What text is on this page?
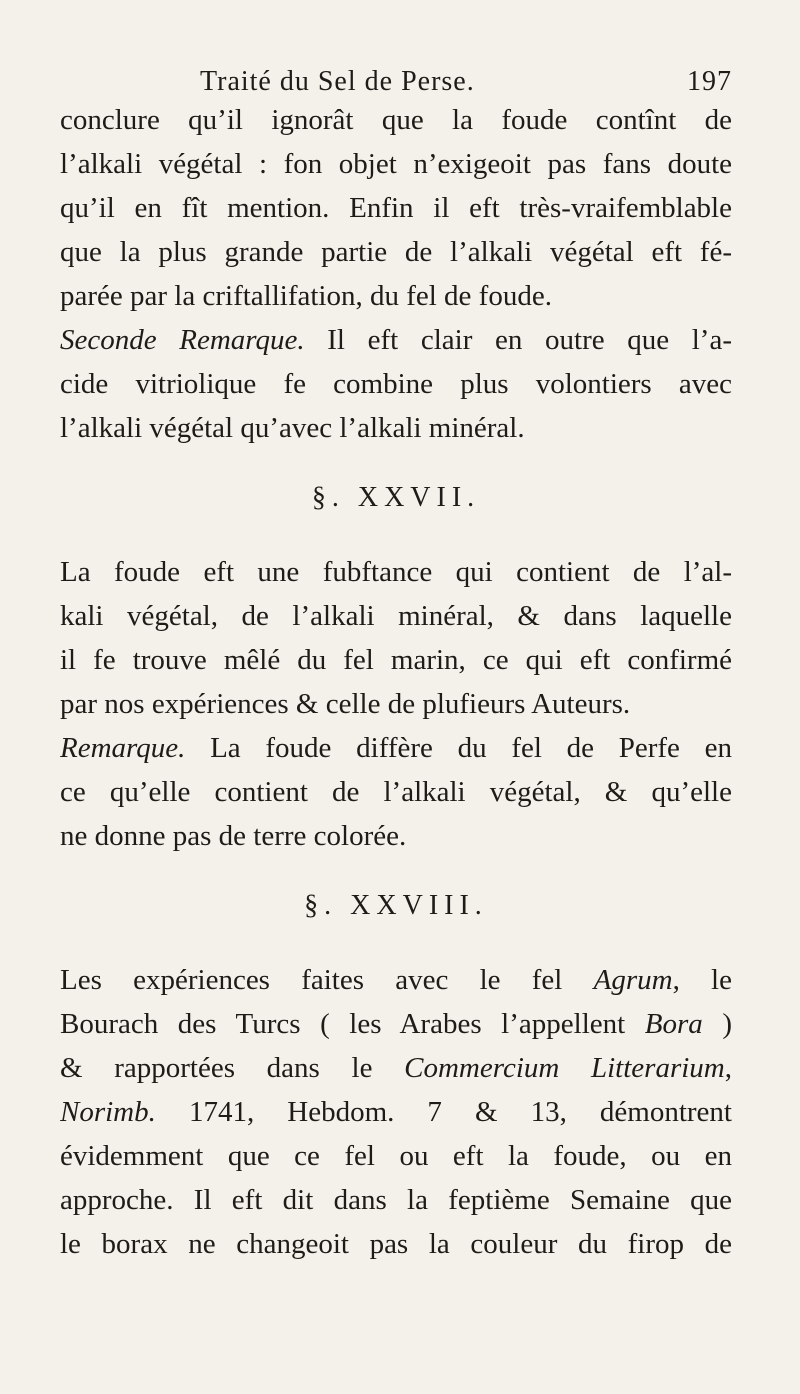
Traité du Sel de Perse.	197
conclure qu’il ignorât que la foude contînt de
l’alkali végétal : fon objet n’exigeoit pas fans doute
qu’il en fît mention. Enfin il eft très-vraifemblable
que la plus grande partie de l’alkali végétal eft fé-
parée par la criftallifation, du fel de foude.
Seconde Remarque. Il eft clair en outre que l’a-
cide vitriolique fe combine plus volontiers avec
l’alkali végétal qu’avec l’alkali minéral.
§. XXVII.
La foude eft une fubftance qui contient de l’al-
kali végétal, de l’alkali minéral, & dans laquelle
il fe trouve mêlé du fel marin, ce qui eft confirmé
par nos expériences & celle de plufieurs Auteurs.
Remarque. La foude diffère du fel de Perfe en
ce qu’elle contient de l’alkali végétal, & qu’elle
ne donne pas de terre colorée.
§. XXVIII.
Les expériences faites avec le fel Agrum, le
Bourach des Turcs ( les Arabes l’appellent Bora )
& rapportées dans le Commercium Litterarium,
Norimb. 1741, Hebdom. 7 & 13, démontrent
évidemment que ce fel ou eft la foude, ou en
approche. Il eft dit dans la feptième Semaine que
le borax ne changeoit pas la couleur du firop de
